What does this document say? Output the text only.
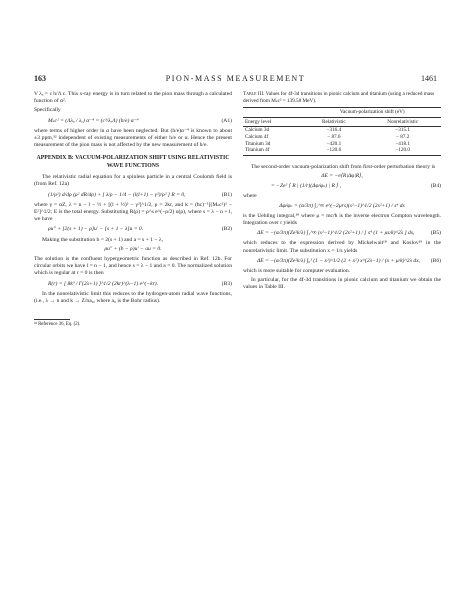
163	PION-MASS MEASUREMENT	1461

V λₐ = c h/Λ c. This x-ray energy is in turn related to the pion mass through a calculated function of α².

Specifically

Mₛc² = (Λλₐ / λₓ) α⁻⁴ = (c³/λₓΛ) (h/e) α⁻⁴	(A1)

where terms of higher order in α have been neglected. But (h/e)α⁻⁴ is known to about ±3 ppm,³² independent of existing measurements of either h/e or α. Hence the present measurement of the pion mass is not affected by the new measurement of h/e.

APPENDIX B: VACUUM-POLARIZATION SHIFT USING RELATIVISTIC WAVE FUNCTIONS

The relativistic radial equation for a spinless particle in a central Coulomb field is (from Ref. 12a)

(1/ρ²) d/dρ (ρ² dR/dρ) + [ λ/ρ − 1/4 − (l(l+1) − γ²)/ρ² ] R = 0,	(B1)

where γ = αZ, λ = n − l − ½ + [(l + ½)² − γ²]^1/2, ρ = 2kr, and k = (ħc)⁻¹[(Mₛc²)² − E²]^1/2; E is the total energy. Substituting R(ρ) = ρ^s e^(−ρ/2) u(ρ), where s = λ − n + l, we have

ρu″ + [2(s + 1) − ρ]u′ − [s + 1 − λ]u = 0.	(B2)

Making the substitution b = 2(s + 1) and a = s + 1 − λ,

ρu″ + (b − ρ)u′ − au = 0.

The solution is the confluent hypergeometric function as described in Ref. 12b. For circular orbits we have l = n − 1, and hence s = λ − 1 and a = 0. The normalized solution which is regular at r = 0 is then

R(r) = [ 8k³ / Γ(2λ+1) ]^1/2 (2kr)^(λ−1) e^(−kr).	(B3)

In the nonrelativistic limit this reduces to the hydrogen-atom radial wave functions, (i.e., λ → n and k → Z/na₀, where a₀ is the Bohr radius).

³² Reference 36, Eq. (2).
Table III. Values for 4f-3d transitions in pionic calcium and titanium (using a reduced mass derived from Mₛc² = 139.58 MeV).
	Vacuum-polarization shift (eV)	
Energy level	Relativistic	Nonrelativistic
Calcium 3d	−316.4	−315.1
Calcium 4f	− 87.6	− 87.2
Titanium 3d	−420.1	−418.1
Titanium 4f	−120.6	−120.0

The second-order vacuum-polarization shift from first-order perturbation theory is

ΔE = −e⟨R|Δφ|R⟩,
= −Ze² ⟨ R | (1/r)(Δφ/φₙ) | R ⟩ ,	(B4)

where

Δφ/φₙ = (α/3π) ∫₁^∞ e^(−2μrs)(s²−1)^1/2 (2s²+1) / s⁴ ds

is the Uehling integral,¹⁸ where μ = mc/ħ is the inverse electron Compton wavelength. Integration over r yields

ΔE = −(α/3π)(Ze²k/λ) ∫₁^∞ (s²−1)^1/2 (2s²+1) / [ s⁴ (1 + μs/k)^2λ ] ds,	(B5)

which reduces to the expression derived by Mickelwait¹⁸ and Koslov¹⁹ in the nonrelativistic limit. The substitution x = 1/s yields

ΔE = −(α/3π)(Ze²k/λ) ∫₀¹ (1 − x²)^1/2 (2 + x²) x^(2λ−1) / (x + μ/k)^2λ dx, (B6)

which is more suitable for computer evaluation.

In particular, for the 4f-3d transitions in pionic calcium and titanium we obtain the values in Table III.
